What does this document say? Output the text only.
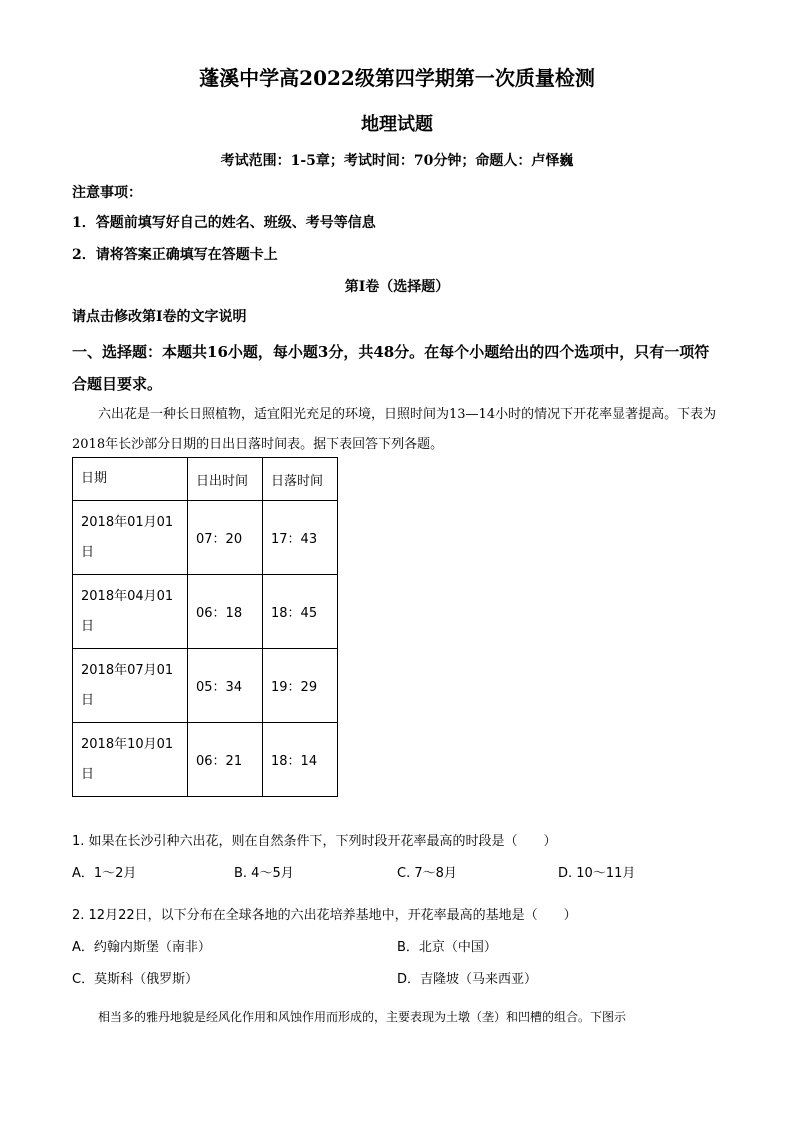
蓬溪中学高2022级第四学期第一次质量检测
地理试题
考试范围：1-5章；考试时间：70分钟；命题人：卢怿巍
注意事项：
1．答题前填写好自己的姓名、班级、考号等信息
2．请将答案正确填写在答题卡上
第I卷（选择题）
请点击修改第I卷的文字说明
一、选择题：本题共16小题，每小题3分，共48分。在每个小题给出的四个选项中，只有一项符合题目要求。
六出花是一种长日照植物，适宜阳光充足的环境，日照时间为13—14小时的情况下开花率显著提高。下表为2018年长沙部分日期的日出日落时间表。据下表回答下列各题。
日期	日出时间	日落时间
2018年01月01日	07：20	17：43
2018年04月01日	06：18	18：45
2018年07月01日	05：34	19：29
2018年10月01日	06：21	18：14
1. 如果在长沙引种六出花，则在自然条件下，下列时段开花率最高的时段是（　　）
A．1～2月	B. 4～5月	C. 7～8月	D. 10～11月
2. 12月22日，以下分布在全球各地的六出花培养基地中，开花率最高的基地是（　　）
A．约翰内斯堡（南非）	B．北京（中国）
C．莫斯科（俄罗斯）	D．吉隆坡（马来西亚）
相当多的雅丹地貌是经风化作用和风蚀作用而形成的，主要表现为土墩（垄）和凹槽的组合。下图示
